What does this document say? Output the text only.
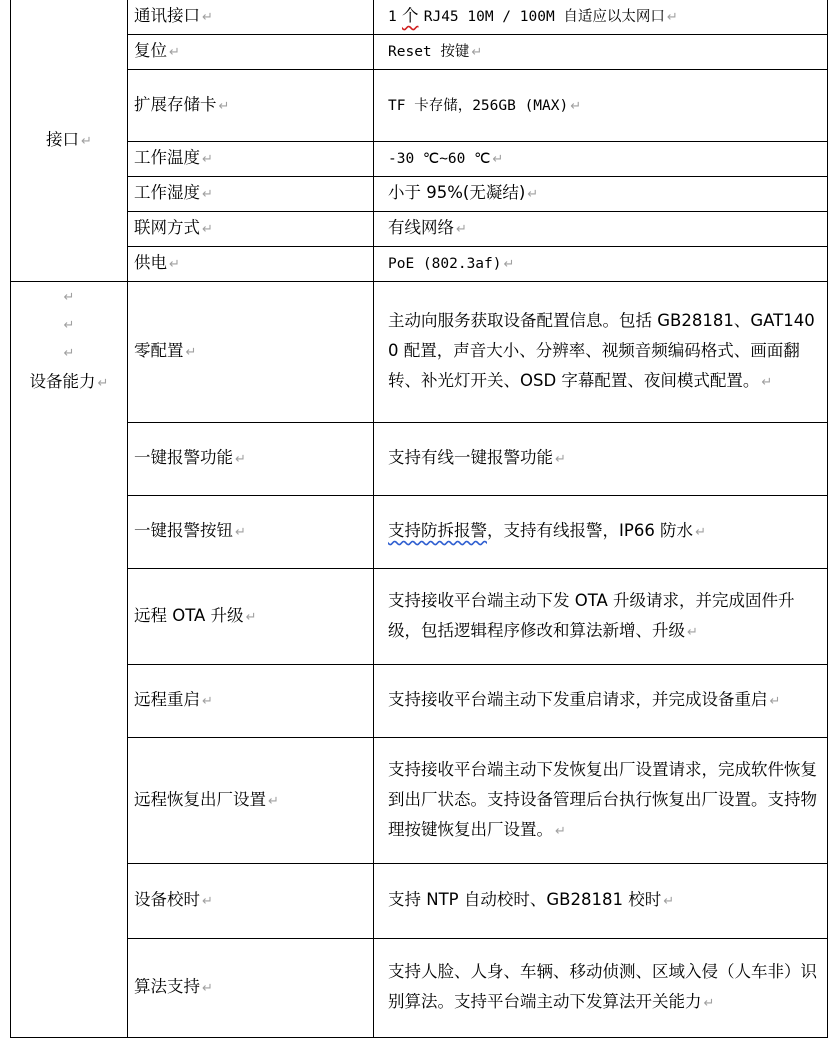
接口 ↵	通讯接口 ↵	1 个 RJ45 10M / 100M 自适应以太网口 ↵
	复位 ↵	Reset 按键 ↵
	扩展存储卡 ↵	TF 卡存储，256GB (MAX) ↵
	工作温度 ↵	-30 ℃~60 ℃ ↵
	工作湿度 ↵	小于 95%(无凝结) ↵
	联网方式 ↵	有线网络 ↵
	供电 ↵	PoE (802.3af) ↵

↵
↵
↵
设备能力 ↵	零配置 ↵	主动向服务获取设备配置信息。包括 GB28181、GAT1400 配置，声音大小、分辨率、视频音频编码格式、画面翻转、补光灯开关、OSD 字幕配置、夜间模式配置。 ↵
	一键报警功能 ↵	支持有线一键报警功能 ↵
	一键报警按钮 ↵	支持防拆报警，支持有线报警，IP66 防水 ↵
	远程 OTA 升级 ↵	支持接收平台端主动下发 OTA 升级请求，并完成固件升级，包括逻辑程序修改和算法新增、升级 ↵
	远程重启 ↵	支持接收平台端主动下发重启请求，并完成设备重启 ↵
	远程恢复出厂设置 ↵	支持接收平台端主动下发恢复出厂设置请求，完成软件恢复到出厂状态。支持设备管理后台执行恢复出厂设置。支持物理按键恢复出厂设置。 ↵
	设备校时 ↵	支持 NTP 自动校时、GB28181 校时 ↵
	算法支持 ↵	支持人脸、人身、车辆、移动侦测、区域入侵（人车非）识别算法。支持平台端主动下发算法开关能力 ↵
